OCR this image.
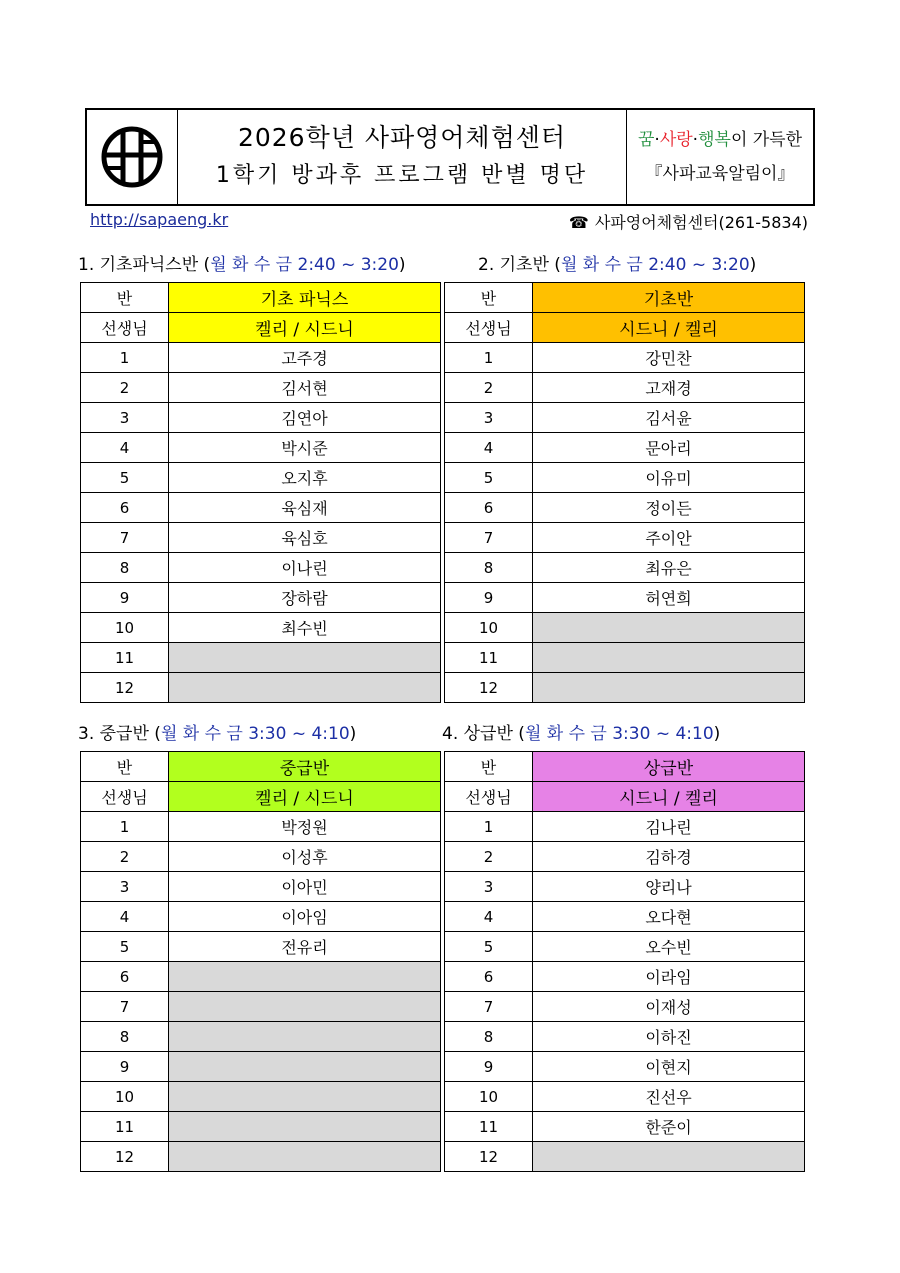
2026학년 사파영어체험센터
1학기 방과후 프로그램 반별 명단
꿈·사랑·행복이 가득한
『사파교육알림이』
http://sapaeng.kr	☎ 사파영어체험센터(261-5834)
1. 기초파닉스반 (월 화 수 금 2:40 ~ 3:20)	2. 기초반 (월 화 수 금 2:40 ~ 3:20)
3. 중급반 (월 화 수 금 3:30 ~ 4:10)	4. 상급반 (월 화 수 금 3:30 ~ 4:10)
반	기초 파닉스
선생님	켈리 / 시드니
1	고주경
2	김서현
3	김연아
4	박시준
5	오지후
6	육심재
7	육심호
8	이나린
9	장하람
10	최수빈
11	
12	
반	기초반
선생님	시드니 / 켈리
1	강민찬
2	고재경
3	김서윤
4	문아리
5	이유미
6	정이든
7	주이안
8	최유은
9	허연희
10	
11	
12	
반	중급반
선생님	켈리 / 시드니
1	박정원
2	이성후
3	이아민
4	이아임
5	전유리
6	
7	
8	
9	
10	
11	
12	
반	상급반
선생님	시드니 / 켈리
1	김나린
2	김하경
3	양리나
4	오다현
5	오수빈
6	이라임
7	이재성
8	이하진
9	이현지
10	진선우
11	한준이
12	
